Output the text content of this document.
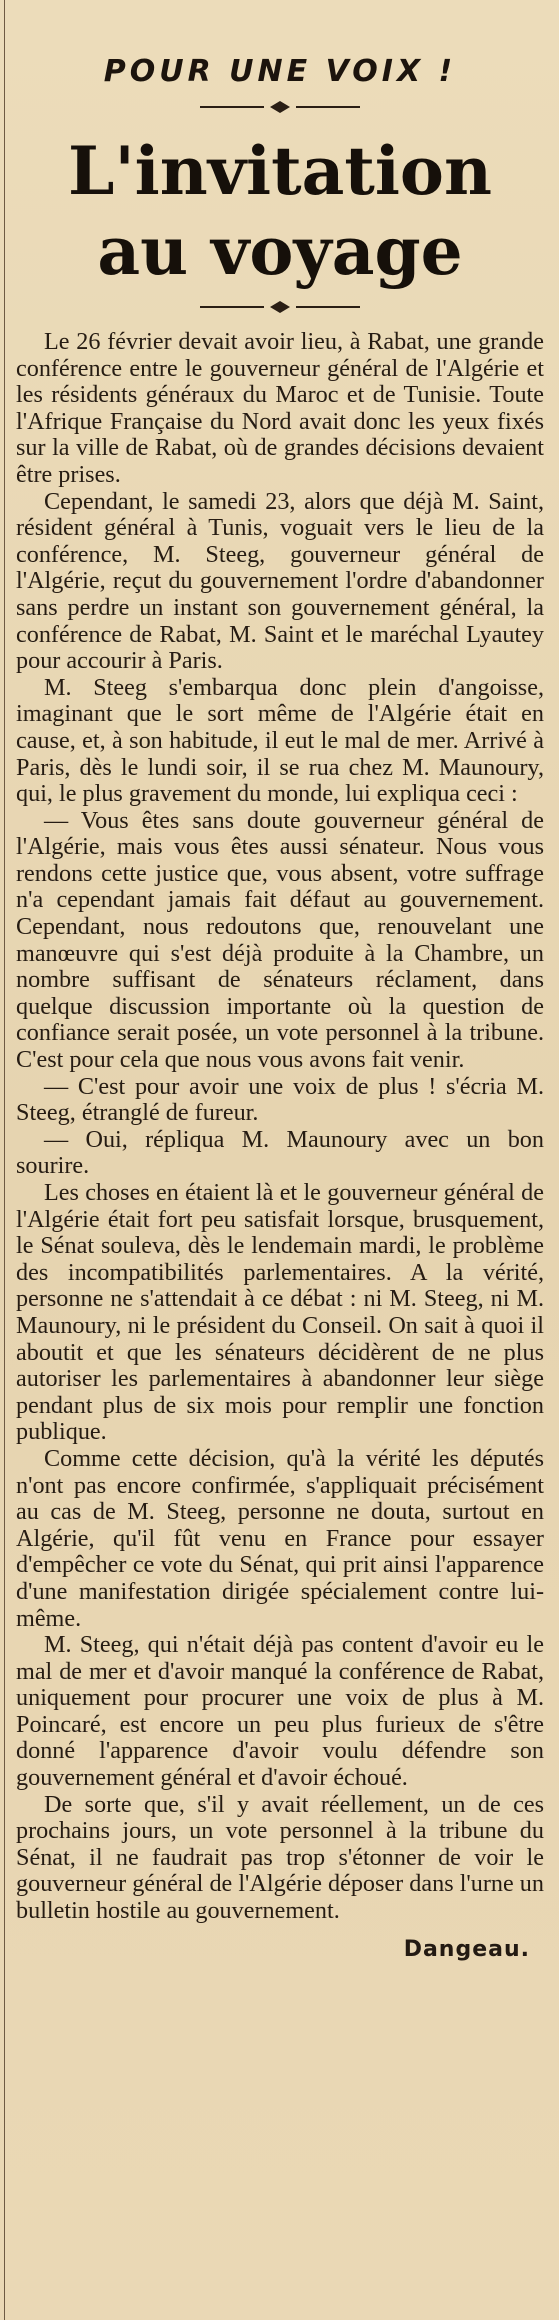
POUR UNE VOIX !
L'invitation
au voyage

Le 26 février devait avoir lieu, à Rabat, une grande conférence entre le gouverneur général de l'Algérie et les résidents généraux du Maroc et de Tunisie. Toute l'Afrique Française du Nord avait donc les yeux fixés sur la ville de Rabat, où de grandes décisions devaient être prises.

Cependant, le samedi 23, alors que déjà M. Saint, résident général à Tunis, voguait vers le lieu de la conférence, M. Steeg, gouverneur général de l'Algérie, reçut du gouvernement l'ordre d'abandonner sans perdre un instant son gouvernement général, la conférence de Rabat, M. Saint et le maréchal Lyautey pour accourir à Paris.

M. Steeg s'embarqua donc plein d'angoisse, imaginant que le sort même de l'Algérie était en cause, et, à son habitude, il eut le mal de mer. Arrivé à Paris, dès le lundi soir, il se rua chez M. Maunoury, qui, le plus gravement du monde, lui expliqua ceci :

— Vous êtes sans doute gouverneur général de l'Algérie, mais vous êtes aussi sénateur. Nous vous rendons cette justice que, vous absent, votre suffrage n'a cependant jamais fait défaut au gouvernement. Cependant, nous redoutons que, renouvelant une manœuvre qui s'est déjà produite à la Chambre, un nombre suffisant de sénateurs réclament, dans quelque discussion importante où la question de confiance serait posée, un vote personnel à la tribune. C'est pour cela que nous vous avons fait venir.

— C'est pour avoir une voix de plus ! s'écria M. Steeg, étranglé de fureur.

— Oui, répliqua M. Maunoury avec un bon sourire.

Les choses en étaient là et le gouverneur général de l'Algérie était fort peu satisfait lorsque, brusquement, le Sénat souleva, dès le lendemain mardi, le problème des incompatibilités parlementaires. A la vérité, personne ne s'attendait à ce débat : ni M. Steeg, ni M. Maunoury, ni le président du Conseil. On sait à quoi il aboutit et que les sénateurs décidèrent de ne plus autoriser les parlementaires à abandonner leur siège pendant plus de six mois pour remplir une fonction publique.

Comme cette décision, qu'à la vérité les députés n'ont pas encore confirmée, s'appliquait précisément au cas de M. Steeg, personne ne douta, surtout en Algérie, qu'il fût venu en France pour essayer d'empêcher ce vote du Sénat, qui prit ainsi l'apparence d'une manifestation dirigée spécialement contre lui-même.

M. Steeg, qui n'était déjà pas content d'avoir eu le mal de mer et d'avoir manqué la conférence de Rabat, uniquement pour procurer une voix de plus à M. Poincaré, est encore un peu plus furieux de s'être donné l'apparence d'avoir voulu défendre son gouvernement général et d'avoir échoué.

De sorte que, s'il y avait réellement, un de ces prochains jours, un vote personnel à la tribune du Sénat, il ne faudrait pas trop s'étonner de voir le gouverneur général de l'Algérie déposer dans l'urne un bulletin hostile au gouvernement.

Dangeau.
